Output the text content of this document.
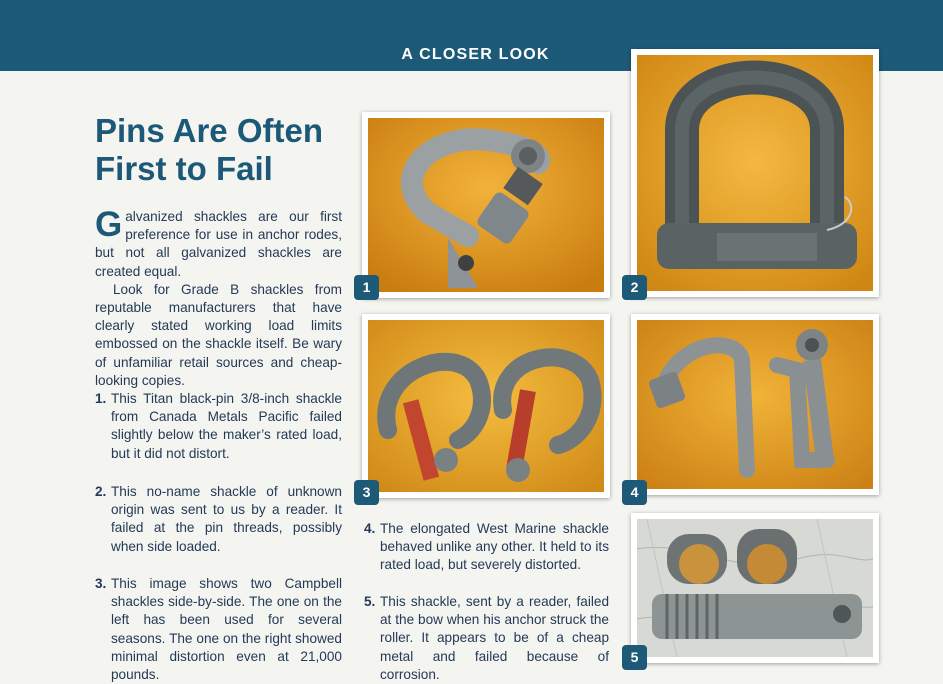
A CLOSER LOOK
Pins Are Often First to Fail

Galvanized shackles are our first preference for use in anchor rodes, but not all galvanized shackles are created equal.

Look for Grade B shackles from reputable manufacturers that have clearly stated working load limits embossed on the shackle itself. Be wary of unfamiliar retail sources and cheap-looking copies.

1. This Titan black-pin 3/8-inch shackle from Canada Metals Pacific failed slightly below the maker’s rated load, but it did not distort.
2. This no-name shackle of unknown origin was sent to us by a reader. It failed at the pin threads, possibly when side loaded.
3. This image shows two Campbell shackles side-by-side. The one on the left has been used for several seasons. The one on the right showed minimal distortion even at 21,000 pounds.
4. The elongated West Marine shackle behaved unlike any other. It held to its rated load, but severely distorted.
5. This shackle, sent by a reader, failed at the bow when his anchor struck the roller. It appears to be of a cheap metal and failed because of corrosion.
1	2
3	4
5
